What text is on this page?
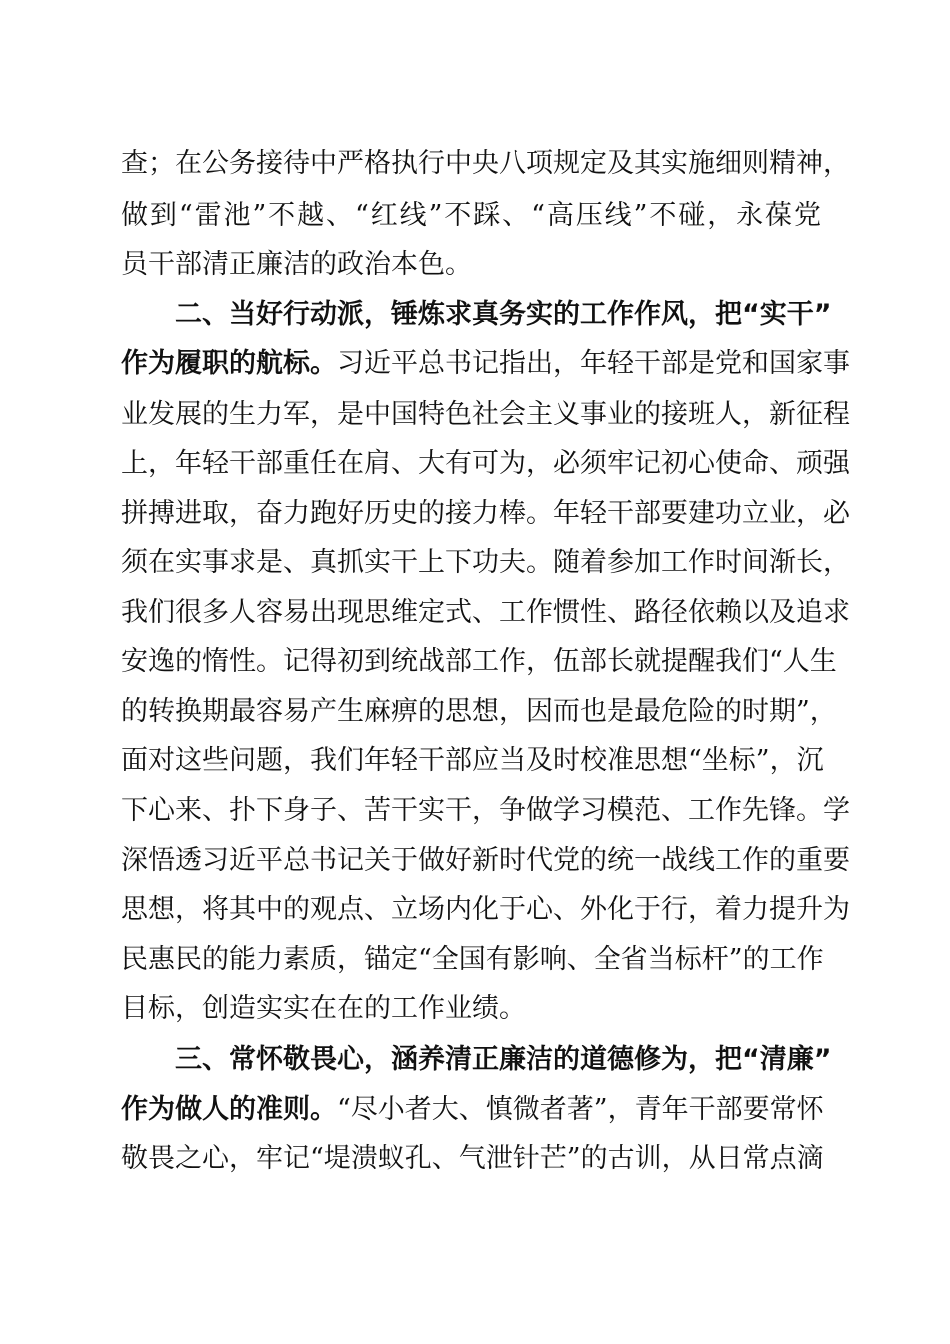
查；在公务接待中严格执行中央八项规定及其实施细则精神，
做到“雷池”不越、“红线”不踩、“高压线”不碰，永葆党
员干部清正廉洁的政治本色。
二、当好行动派，锤炼求真务实的工作作风，把“实干”
作为履职的航标。习近平总书记指出，年轻干部是党和国家事
业发展的生力军，是中国特色社会主义事业的接班人，新征程
上，年轻干部重任在肩、大有可为，必须牢记初心使命、顽强
拼搏进取，奋力跑好历史的接力棒。年轻干部要建功立业，必
须在实事求是、真抓实干上下功夫。随着参加工作时间渐长，
我们很多人容易出现思维定式、工作惯性、路径依赖以及追求
安逸的惰性。记得初到统战部工作，伍部长就提醒我们“人生
的转换期最容易产生麻痹的思想，因而也是最危险的时期”，
面对这些问题，我们年轻干部应当及时校准思想“坐标”，沉
下心来、扑下身子、苦干实干，争做学习模范、工作先锋。学
深悟透习近平总书记关于做好新时代党的统一战线工作的重要
思想，将其中的观点、立场内化于心、外化于行，着力提升为
民惠民的能力素质，锚定“全国有影响、全省当标杆”的工作
目标，创造实实在在的工作业绩。
三、常怀敬畏心，涵养清正廉洁的道德修为，把“清廉”
作为做人的准则。“尽小者大、慎微者著”，青年干部要常怀
敬畏之心，牢记“堤溃蚁孔、气泄针芒”的古训，从日常点滴
